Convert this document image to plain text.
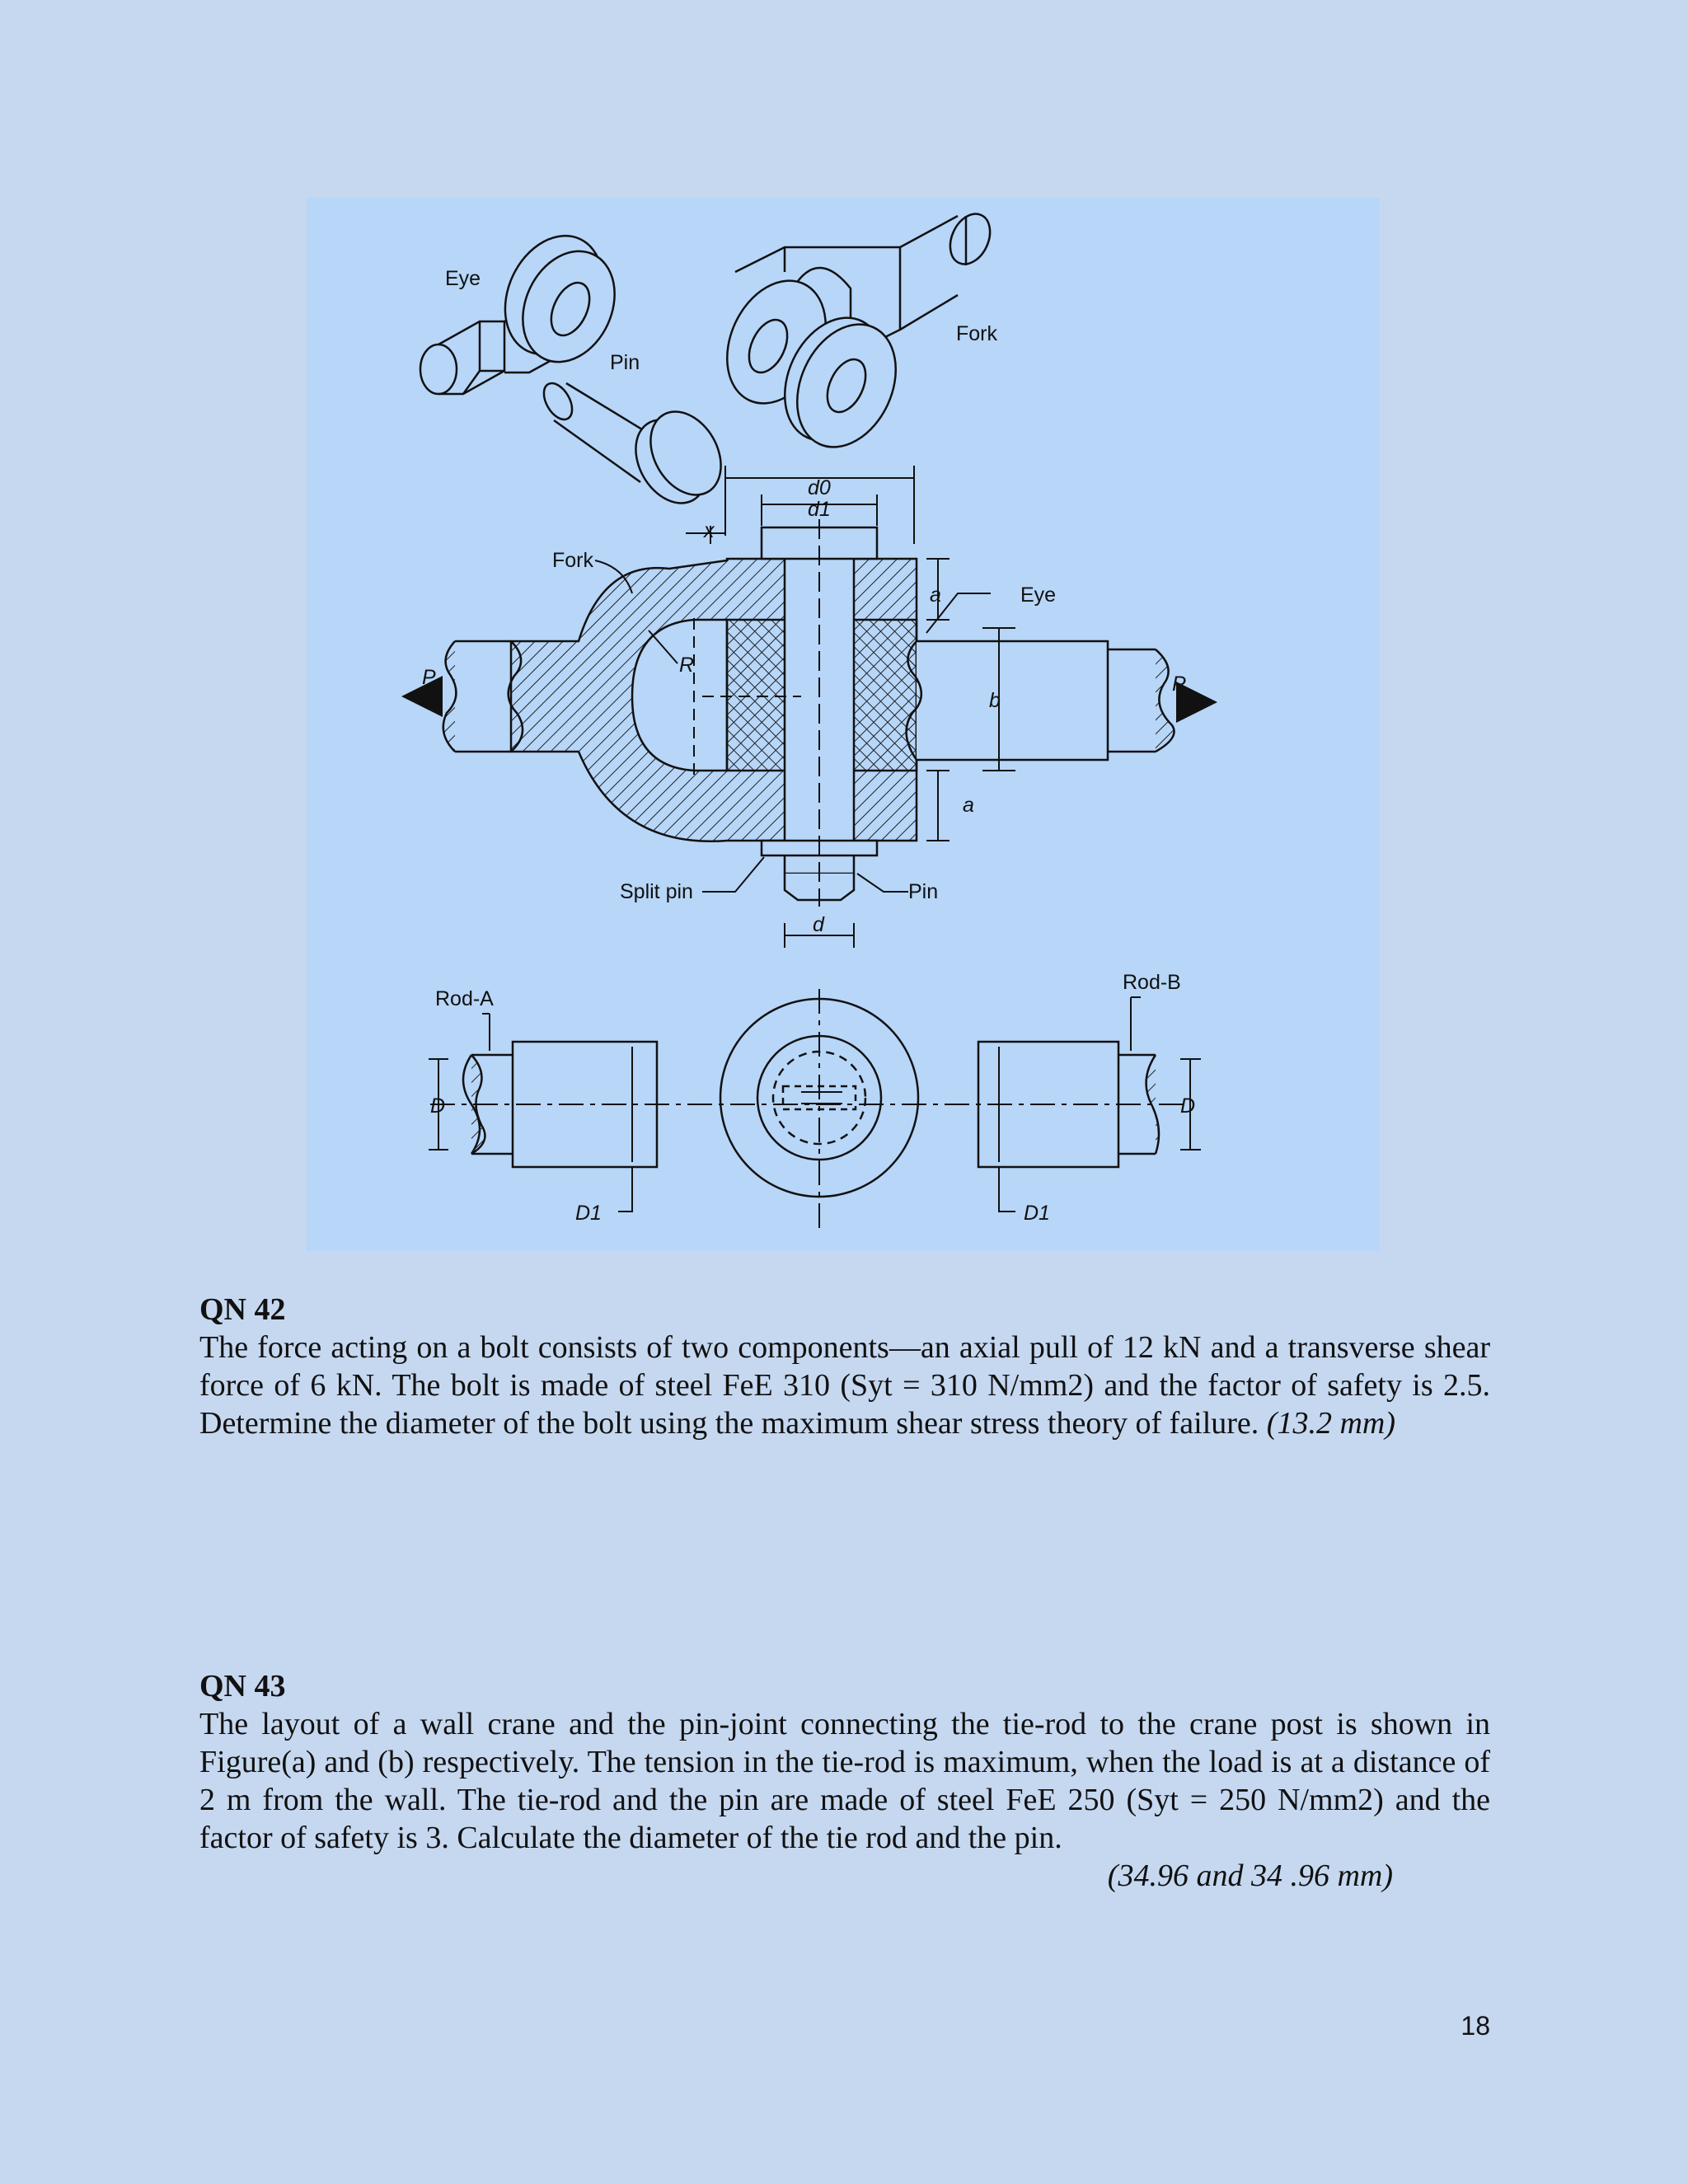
Eye
Pin
Fork
d0
d1
x
Fork
Eye
a
R
b
P	P
a
Split pin	Pin
d
Rod-A
Rod-B
D	D
D1	D1
QN 42
The force acting on a bolt consists of two components—an axial pull of 12 kN and a transverse shear force of 6 kN. The bolt is made of steel FeE 310 (Syt = 310 N/mm2) and the factor of safety is 2.5. Determine the diameter of the bolt using the maximum shear stress theory of failure. (13.2 mm)
QN 43
The layout of a wall crane and the pin-joint connecting the tie-rod to the crane post is shown in Figure(a) and (b) respectively. The tension in the tie-rod is maximum, when the load is at a distance of 2 m from the wall. The tie-rod and the pin are made of steel FeE 250 (Syt = 250 N/mm2) and the factor of safety is 3. Calculate the diameter of the tie rod and the pin.
(34.96 and 34 .96 mm)
18
